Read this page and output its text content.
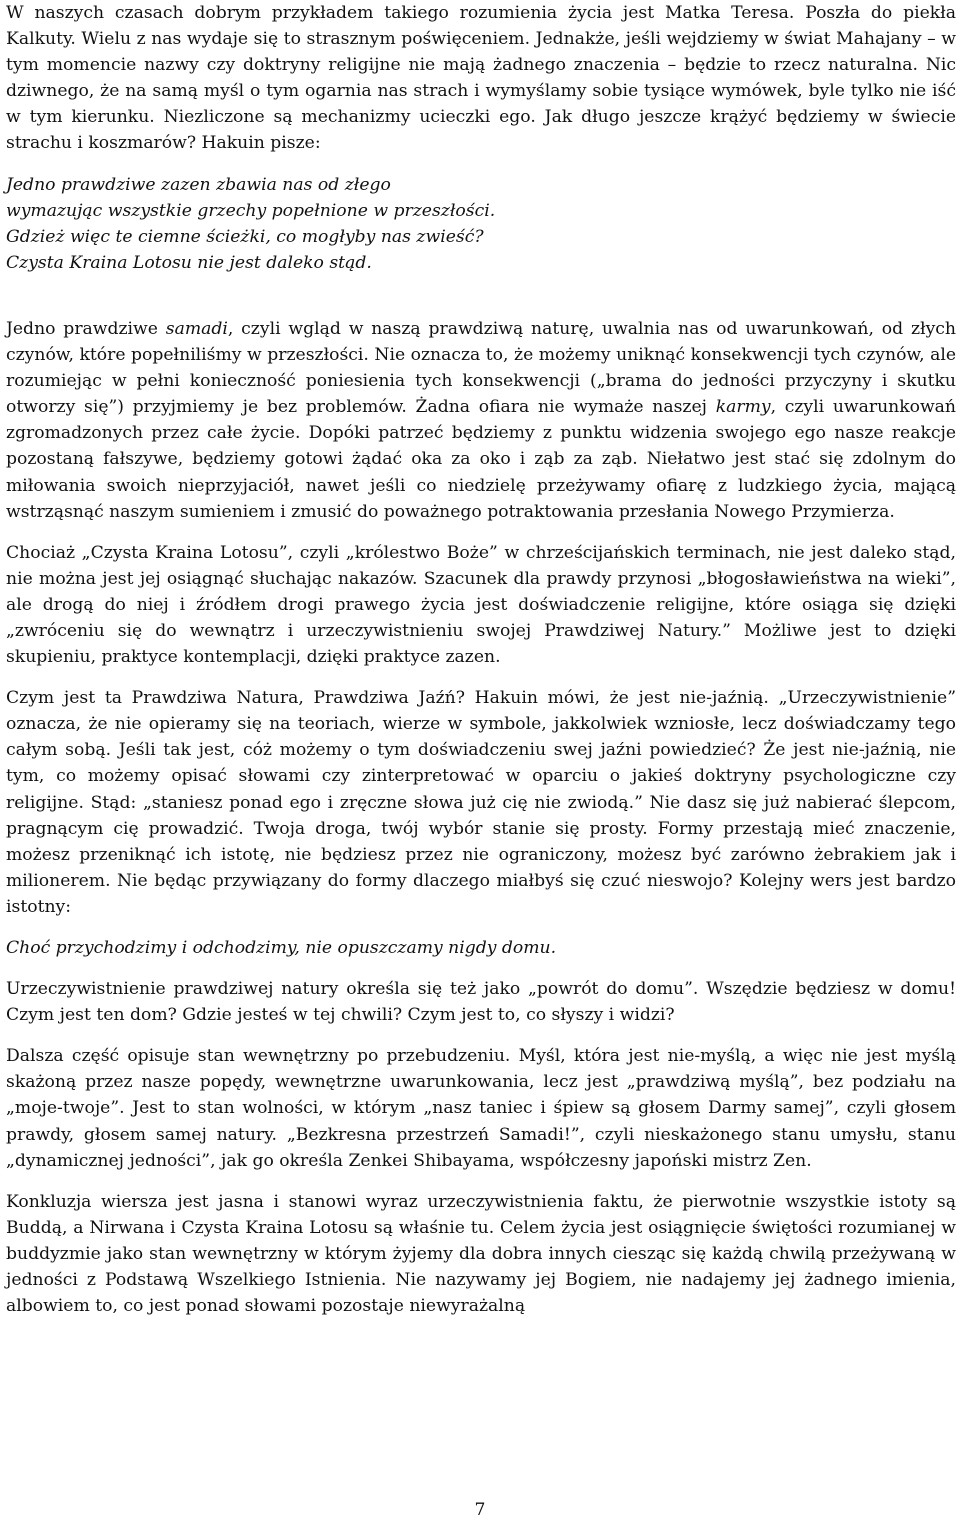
W naszych czasach dobrym przykładem takiego rozumienia życia jest Matka Teresa. Poszła do piekła Kalkuty. Wielu z nas wydaje się to strasznym poświęceniem. Jednakże, jeśli wejdziemy w świat Mahajany – w tym momencie nazwy czy doktryny religijne nie mają żadnego znaczenia – będzie to rzecz naturalna. Nic dziwnego, że na samą myśl o tym ogarnia nas strach i wymyślamy sobie tysiące wymówek, byle tylko nie iść w tym kierunku. Niezliczone są mechanizmy ucieczki ego. Jak długo jeszcze krążyć będziemy w świecie strachu i koszmarów? Hakuin pisze:

Jedno prawdziwe zazen zbawia nas od złego
wymazując wszystkie grzechy popełnione w przeszłości.
Gdzież więc te ciemne ścieżki, co mogłyby nas zwieść?
Czysta Kraina Lotosu nie jest daleko stąd.

Jedno prawdziwe samadi, czyli wgląd w naszą prawdziwą naturę, uwalnia nas od uwarunkowań, od złych czynów, które popełniliśmy w przeszłości. Nie oznacza to, że możemy uniknąć konsekwencji tych czynów, ale rozumiejąc w pełni konieczność poniesienia tych konsekwencji („brama do jedności przyczyny i skutku otworzy się”) przyjmiemy je bez problemów. Żadna ofiara nie wymaże naszej karmy, czyli uwarunkowań zgromadzonych przez całe życie. Dopóki patrzeć będziemy z punktu widzenia swojego ego nasze reakcje pozostaną fałszywe, będziemy gotowi żądać oka za oko i ząb za ząb. Niełatwo jest stać się zdolnym do miłowania swoich nieprzyjaciół, nawet jeśli co niedzielę przeżywamy ofiarę z ludzkiego życia, mającą wstrząsnąć naszym sumieniem i zmusić do poważnego potraktowania przesłania Nowego Przymierza.

Chociaż „Czysta Kraina Lotosu”, czyli „królestwo Boże” w chrześcijańskich terminach, nie jest daleko stąd, nie można jest jej osiągnąć słuchając nakazów. Szacunek dla prawdy przynosi „błogosławieństwa na wieki”, ale drogą do niej i źródłem drogi prawego życia jest doświadczenie religijne, które osiąga się dzięki „zwróceniu się do wewnątrz i urzeczywistnieniu swojej Prawdziwej Natury.” Możliwe jest to dzięki skupieniu, praktyce kontemplacji, dzięki praktyce zazen.

Czym jest ta Prawdziwa Natura, Prawdziwa Jaźń? Hakuin mówi, że jest nie-jaźnią. „Urzeczywistnienie” oznacza, że nie opieramy się na teoriach, wierze w symbole, jakkolwiek wzniosłe, lecz doświadczamy tego całym sobą. Jeśli tak jest, cóż możemy o tym doświadczeniu swej jaźni powiedzieć? Że jest nie-jaźnią, nie tym, co możemy opisać słowami czy zinterpretować w oparciu o jakieś doktryny psychologiczne czy religijne. Stąd: „staniesz ponad ego i zręczne słowa już cię nie zwiodą.” Nie dasz się już nabierać ślepcom, pragnącym cię prowadzić. Twoja droga, twój wybór stanie się prosty. Formy przestają mieć znaczenie, możesz przeniknąć ich istotę, nie będziesz przez nie ograniczony, możesz być zarówno żebrakiem jak i milionerem. Nie będąc przywiązany do formy dlaczego miałbyś się czuć nieswojo? Kolejny wers jest bardzo istotny:

Choć przychodzimy i odchodzimy, nie opuszczamy nigdy domu.

Urzeczywistnienie prawdziwej natury określa się też jako „powrót do domu”. Wszędzie będziesz w domu! Czym jest ten dom? Gdzie jesteś w tej chwili? Czym jest to, co słyszy i widzi?

Dalsza część opisuje stan wewnętrzny po przebudzeniu. Myśl, która jest nie-myślą, a więc nie jest myślą skażoną przez nasze popędy, wewnętrzne uwarunkowania, lecz jest „prawdziwą myślą”, bez podziału na „moje-twoje”. Jest to stan wolności, w którym „nasz taniec i śpiew są głosem Darmy samej”, czyli głosem prawdy, głosem samej natury. „Bezkresna przestrzeń Samadi!”, czyli nieskażonego stanu umysłu, stanu „dynamicznej jedności”, jak go określa Zenkei Shibayama, współczesny japoński mistrz Zen.

Konkluzja wiersza jest jasna i stanowi wyraz urzeczywistnienia faktu, że pierwotnie wszystkie istoty są Buddą, a Nirwana i Czysta Kraina Lotosu są właśnie tu. Celem życia jest osiągnięcie świętości rozumianej w buddyzmie jako stan wewnętrzny w którym żyjemy dla dobra innych ciesząc się każdą chwilą przeżywaną w jedności z Podstawą Wszelkiego Istnienia. Nie nazywamy jej Bogiem, nie nadajemy jej żadnego imienia, albowiem to, co jest ponad słowami pozostaje niewyrażalną

7
